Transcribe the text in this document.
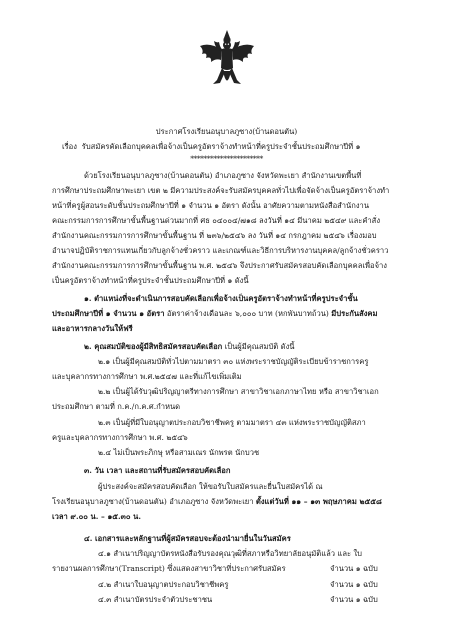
ประกาศโรงเรียนอนุบาลภูซาง(บ้านดอนตัน)
เรื่อง รับสมัครคัดเลือกบุคคลเพื่อจ้างเป็นครูอัตราจ้างทำหน้าที่ครูประจำชั้นประถมศึกษาปีที่ ๑
**********************
ด้วยโรงเรียนอนุบาลภูซาง(บ้านดอนตัน) อำเภอภูซาง จังหวัดพะเยา สำนักงานเขตพื้นที่
การศึกษาประถมศึกษาพะเยา เขต ๒ มีความประสงค์จะรับสมัครบุคคลทั่วไปเพื่อจัดจ้างเป็นครูอัตราจ้างทำ
หน้าที่ครูผู้สอนระดับชั้นประถมศึกษาปีที่ ๑ จำนวน ๑ อัตรา ดังนั้น อาศัยความตามหนังสือสำนักงาน
คณะกรรมการการศึกษาขั้นพื้นฐานด่วนมากที่ ศธ ๐๔๐๐๔/๗๑๘ ลงวันที่ ๑๔ มีนาคม ๒๕๔๙ และคำสั่ง
สำนักงานคณะกรรมการการศึกษาขั้นพื้นฐาน ที่ ๒๓๖/๒๕๔๖ ลง วันที่ ๑๔ กรกฎาคม ๒๕๔๖ เรื่องมอบ
อำนาจปฏิบัติราชการแทนเกี่ยวกับลูกจ้างชั่วคราว และเกณฑ์และวิธีการบริหารงานบุคคล/ลูกจ้างชั่วคราว
สำนักงานคณะกรรมการการศึกษาขั้นพื้นฐาน พ.ศ. ๒๕๔๖ จึงประกาศรับสมัครสอบคัดเลือกบุคคลเพื่อจ้าง
เป็นครูอัตราจ้างทำหน้าที่ครูประจำชั้นประถมศึกษาปีที่ ๑ ดังนี้
๑. ตำแหน่งที่จะดำเนินการสอบคัดเลือกเพื่อจ้างเป็นครูอัตราจ้างทำหน้าที่ครูประจำชั้น
ประถมศึกษาปีที่ ๑ จำนวน ๑ อัตรา อัตราค่าจ้างเดือนละ ๖,๐๐๐ บาท (หกพันบาทถ้วน) มีประกันสังคม
และอาหารกลางวันให้ฟรี
๒. คุณสมบัติของผู้มีสิทธิสมัครสอบคัดเลือก เป็นผู้มีคุณสมบัติ ดังนี้
๒.๑ เป็นผู้มีคุณสมบัติทั่วไปตามมาตรา ๓๐ แห่งพระราชบัญญัติระเบียบข้าราชการครู
และบุคลากรทางการศึกษา พ.ศ.๒๕๔๗ และที่แก้ไขเพิ่มเติม
๒.๒ เป็นผู้ได้รับวุฒิปริญญาตรีทางการศึกษา สาขาวิชาเอกภาษาไทย หรือ สาขาวิชาเอก
ประถมศึกษา ตามที่ ก.ค./ก.ค.ศ.กำหนด
๒.๓ เป็นผู้ที่มีใบอนุญาตประกอบวิชาชีพครู ตามมาตรา ๔๓ แห่งพระราชบัญญัติสภา
ครูและบุคลากรทางการศึกษา พ.ศ. ๒๕๔๖
๒.๔ ไม่เป็นพระภิกษุ หรือสามเณร นักพรต นักบวช
๓. วัน เวลา และสถานที่รับสมัครสอบคัดเลือก
ผู้ประสงค์จะสมัครสอบคัดเลือก ให้ขอรับใบสมัครและยื่นใบสมัครได้ ณ
โรงเรียนอนุบาลภูซาง(บ้านดอนตัน) อำเภอภูซาง จังหวัดพะเยา ตั้งแต่วันที่ ๑๑ – ๑๓ พฤษภาคม ๒๕๕๘
เวลา ๙.๐๐ น. – ๑๕.๓๐ น.
๔. เอกสารและหลักฐานที่ผู้สมัครสอบจะต้องนำมายื่นในวันสมัคร
๔.๑ สำเนาปริญญาบัตรหนังสือรับรองคุณวุฒิที่สภาหรือวิทยาลัยอนุมัติแล้ว และ ใบ
รายงานผลการศึกษา(Transcript) ซึ่งแสดงสาขาวิชาที่ประกาศรับสมัคร	จำนวน ๑ ฉบับ
๔.๒ สำเนาใบอนุญาตประกอบวิชาชีพครู	จำนวน ๑ ฉบับ
๔.๓ สำเนาบัตรประจำตัวประชาชน	จำนวน ๑ ฉบับ
